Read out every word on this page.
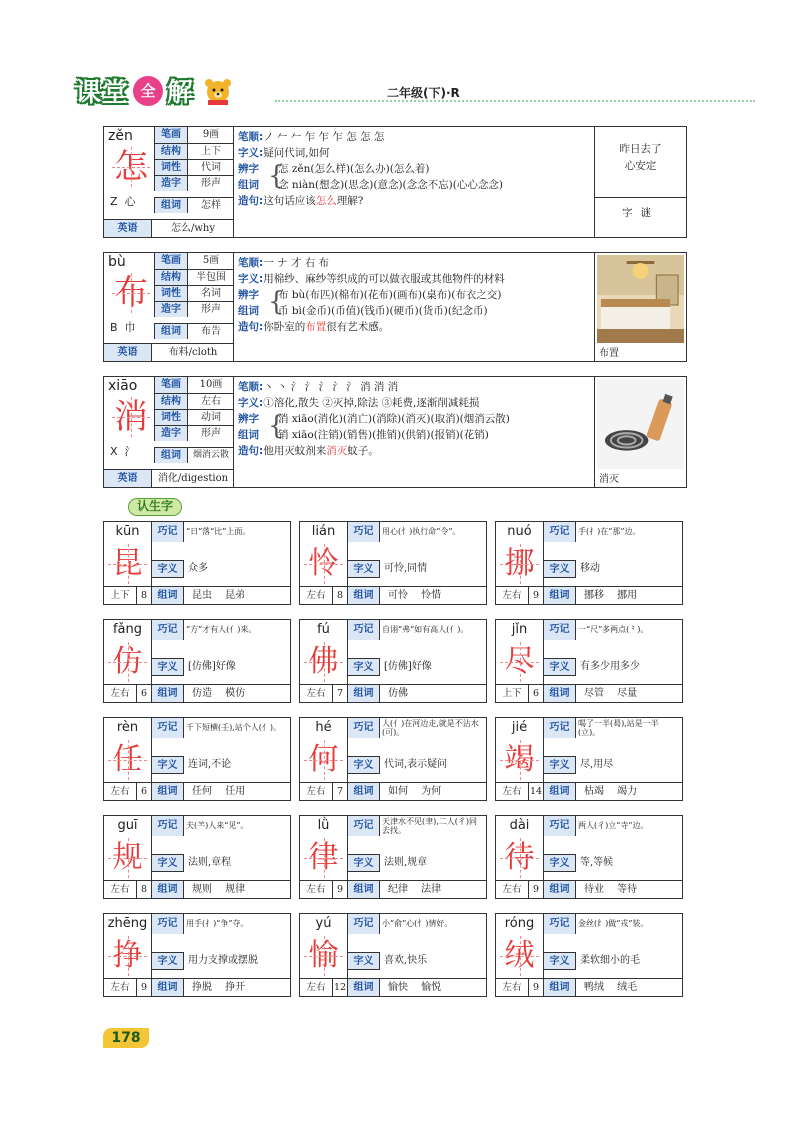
课堂 全 解	二年级(下)·R
zěn
怎
Z 心
笔画	9画
结构	上下
词性	代词
造字	形声
组词	怎样
英语	怎么/why
笔顺:ノ 𠂉 𠂉 乍 乍 乍 怎 怎 怎
字义:疑问代词,如何
辨字
组词 {
怎 zěn(怎么样)(怎么办)(怎么着)
念 niàn(想念)(思念)(意念)(念念不忘)(心心念念)
造句:这句话应该怎么理解?
昨日去了
心安定
字谜
bù
布
B 巾
笔画	5画
结构	半包围
词性	名词
造字	形声
组词	布告
英语	布料/cloth
笔顺:一 ナ 才 右 布
字义:用棉纱、麻纱等织成的可以做衣服或其他物件的材料
辨字
组词 {
布 bù(布匹)(棉布)(花布)(画布)(桌布)(布衣之交)
币 bì(金币)(币值)(钱币)(硬币)(货币)(纪念币)
造句:你卧室的布置很有艺术感。
布置
xiāo
消
X 氵
笔画	10画
结构	左右
词性	动词
造字	形声
组词	烟消云散
英语	消化/digestion
笔顺:丶 丶 氵 氵 氵 氵 氵 消 消 消
字义:①溶化,散失 ②灭掉,除法 ③耗费,逐渐削减耗损
辨字
组词 {
消 xiāo(消化)(消亡)(消除)(消灭)(取消)(烟消云散)
销 xiāo(注销)(销售)(推销)(供销)(报销)(花销)
造句:他用灭蚊剂来消灭蚊子。
消灭
认生字
kūn	巧记	“日”落“比”上面。
昆	字义	众多
上下	8	组词	昆虫 昆弟
lián	巧记	用心(忄)执行命“令”。
怜	字义	可怜,同情
左右	8	组词	可怜 怜惜
nuó	巧记	手(扌)在“那”边。
挪	字义	移动
左右	9	组词	挪移 挪用
fǎng	巧记	“方”才有人(亻)来。
仿	字义	[仿佛]好像
左右	6	组词	仿造 模仿
fú	巧记	自诩“弗”如有高人(亻)。
佛	字义	[仿佛]好像
左右	7	组词	仿佛
jǐn	巧记	一“尺”多两点(⺀)。
尽	字义	有多少用多少
上下	6	组词	尽管 尽量
rèn	巧记	千下短横(壬),站个人(亻)。
任	字义	连词,不论
左右	6	组词	任何 任用
hé	巧记	人(亻)在河边走,就是不沾水(可)。
何	字义	代词,表示疑问
左右	7	组词	如何 为何
jié	巧记	喝了一半(曷),站是一半(立)。
竭	字义	尽,用尽
左右 14 组词	枯竭 竭力
guī	巧记	夫(⺷)人来“见”。
规	字义	法则,章程
左右	8	组词	规则 规律
lǜ	巧记	天津水不见(聿),二人(彳)同去找。
律	字义	法则,规章
左右	9	组词	纪律 法律
dài	巧记	两人(彳)立“寺”边。
待	字义	等,等候
左右	9	组词	待业 等待
zhēng	巧记	用手(扌)“争”夺。
挣	字义	用力支撑或摆脱
左右	9	组词	挣脱 挣开
yú	巧记	小“俞”心(忄)情好。
愉	字义	喜欢,快乐
左右 12 组词	愉快 愉悦
róng	巧记	金丝(纟)做“戎”装。
绒	字义	柔软细小的毛
左右	9	组词	鸭绒 绒毛
178
